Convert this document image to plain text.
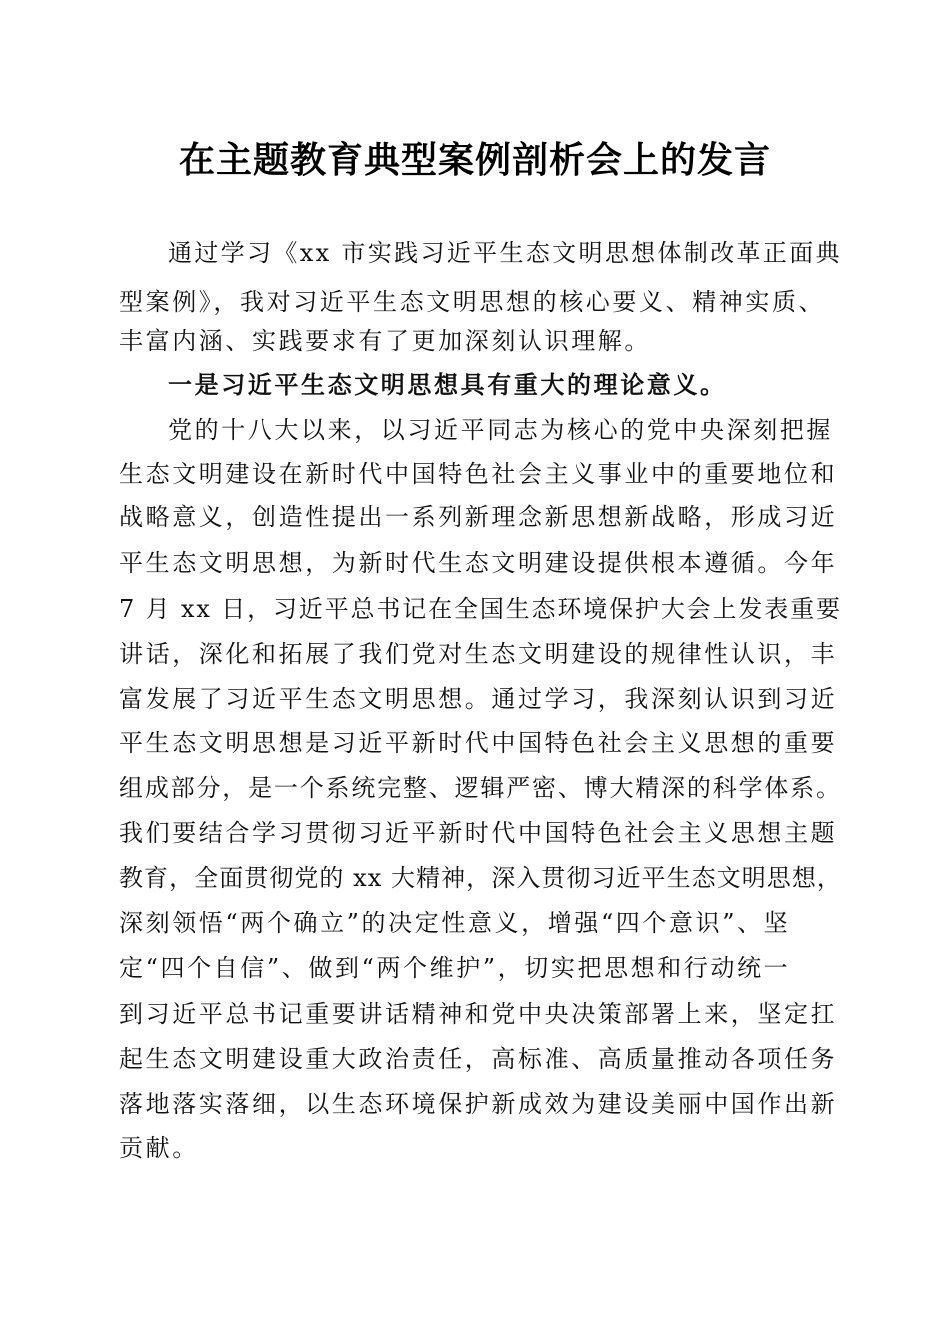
在主题教育典型案例剖析会上的发言
通过学习《xx 市实践习近平生态文明思想体制改革正面典
型案例》，我对习近平生态文明思想的核心要义、精神实质、
丰富内涵、实践要求有了更加深刻认识理解。
一是习近平生态文明思想具有重大的理论意义。
党的十八大以来，以习近平同志为核心的党中央深刻把握
生态文明建设在新时代中国特色社会主义事业中的重要地位和
战略意义，创造性提出一系列新理念新思想新战略，形成习近
平生态文明思想，为新时代生态文明建设提供根本遵循。今年
7 月 xx 日，习近平总书记在全国生态环境保护大会上发表重要
讲话，深化和拓展了我们党对生态文明建设的规律性认识，丰
富发展了习近平生态文明思想。通过学习，我深刻认识到习近
平生态文明思想是习近平新时代中国特色社会主义思想的重要
组成部分，是一个系统完整、逻辑严密、博大精深的科学体系。
我们要结合学习贯彻习近平新时代中国特色社会主义思想主题
教育，全面贯彻党的 xx 大精神，深入贯彻习近平生态文明思想，
深刻领悟“两个确立”的决定性意义，增强“四个意识”、坚
定“四个自信”、做到“两个维护”，切实把思想和行动统一
到习近平总书记重要讲话精神和党中央决策部署上来，坚定扛
起生态文明建设重大政治责任，高标准、高质量推动各项任务
落地落实落细，以生态环境保护新成效为建设美丽中国作出新
贡献。
